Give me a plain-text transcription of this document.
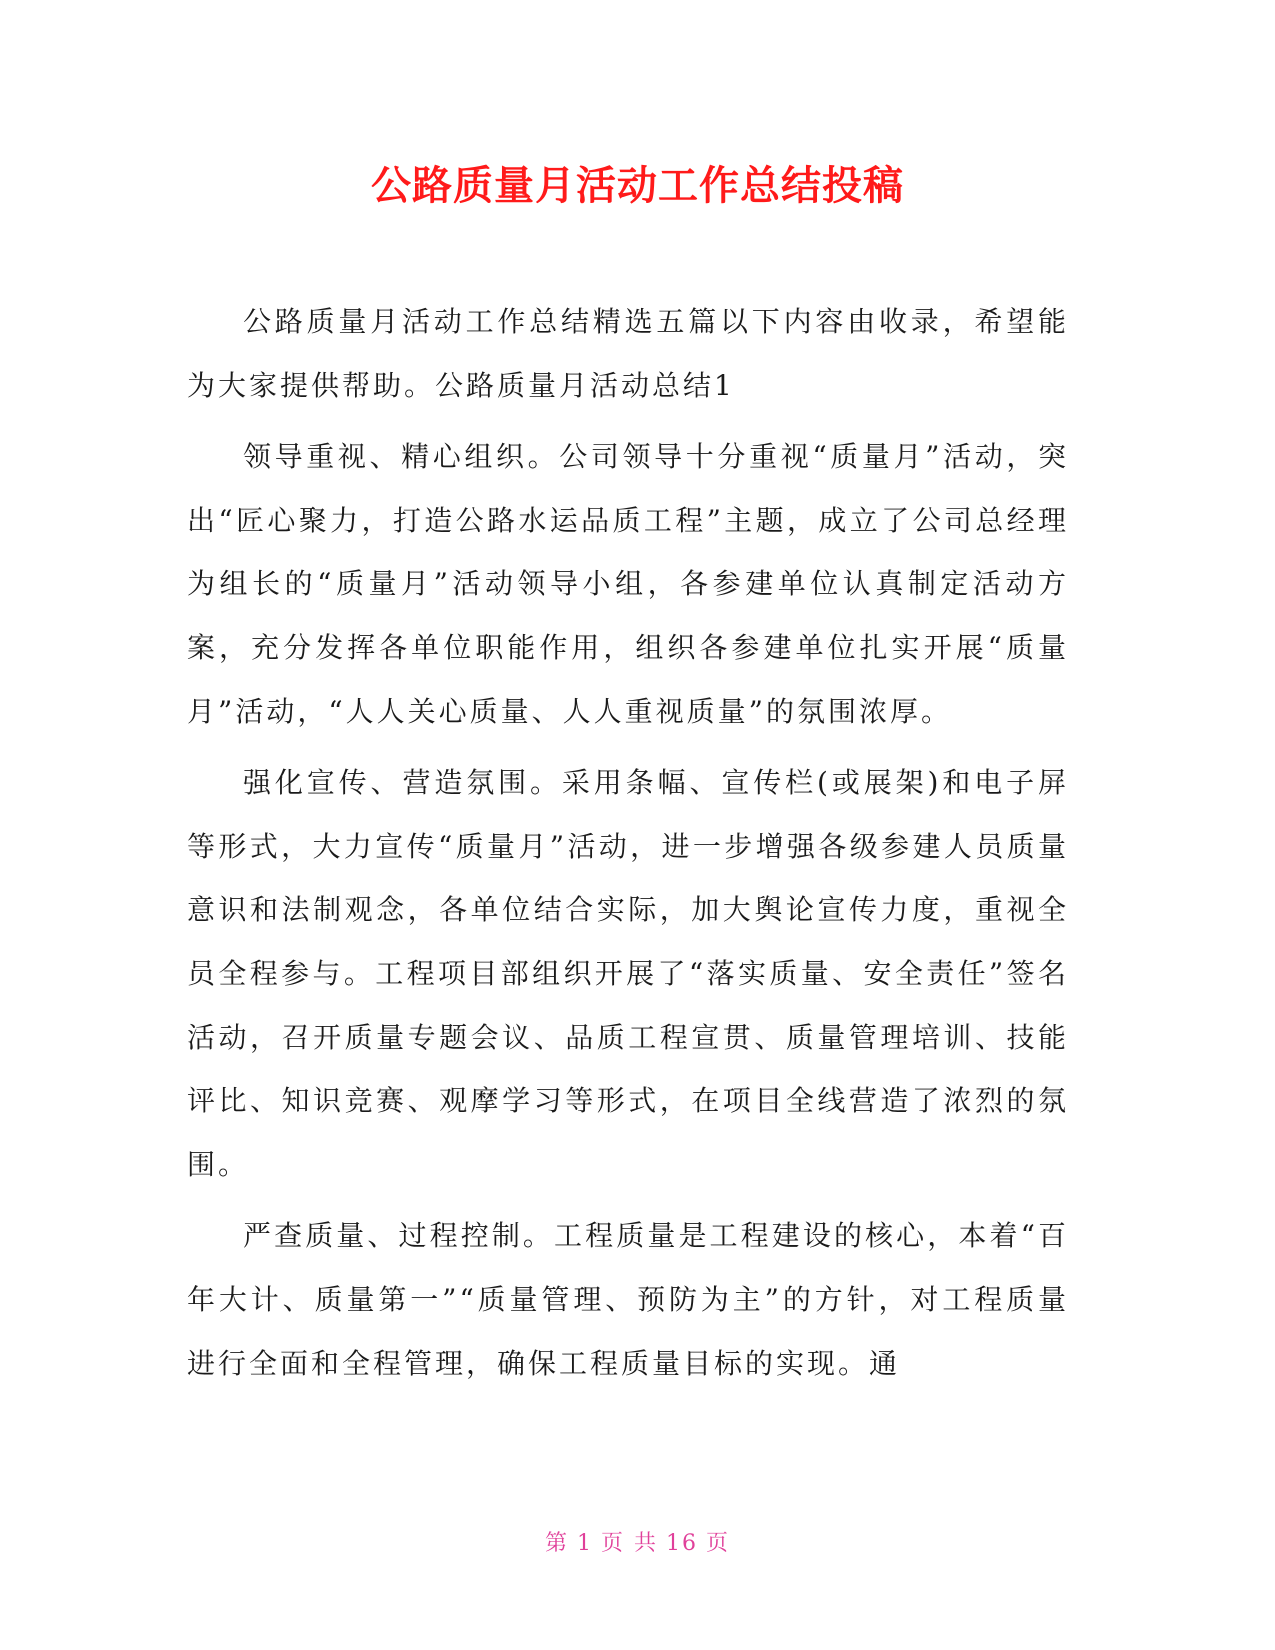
公路质量月活动工作总结投稿

公路质量月活动工作总结精选五篇以下内容由收录，希望能为大家提供帮助。公路质量月活动总结1

领导重视、精心组织。公司领导十分重视“质量月”活动，突出“匠心聚力，打造公路水运品质工程”主题，成立了公司总经理为组长的“质量月”活动领导小组，各参建单位认真制定活动方案，充分发挥各单位职能作用，组织各参建单位扎实开展“质量月”活动，“人人关心质量、人人重视质量”的氛围浓厚。

强化宣传、营造氛围。采用条幅、宣传栏(或展架)和电子屏等形式，大力宣传“质量月”活动，进一步增强各级参建人员质量意识和法制观念，各单位结合实际，加大舆论宣传力度，重视全员全程参与。工程项目部组织开展了“落实质量、安全责任”签名活动，召开质量专题会议、品质工程宣贯、质量管理培训、技能评比、知识竞赛、观摩学习等形式，在项目全线营造了浓烈的氛围。

严查质量、过程控制。工程质量是工程建设的核心，本着“百年大计、质量第一”“质量管理、预防为主”的方针，对工程质量进行全面和全程管理，确保工程质量目标的实现。通

第 1 页 共 16 页
